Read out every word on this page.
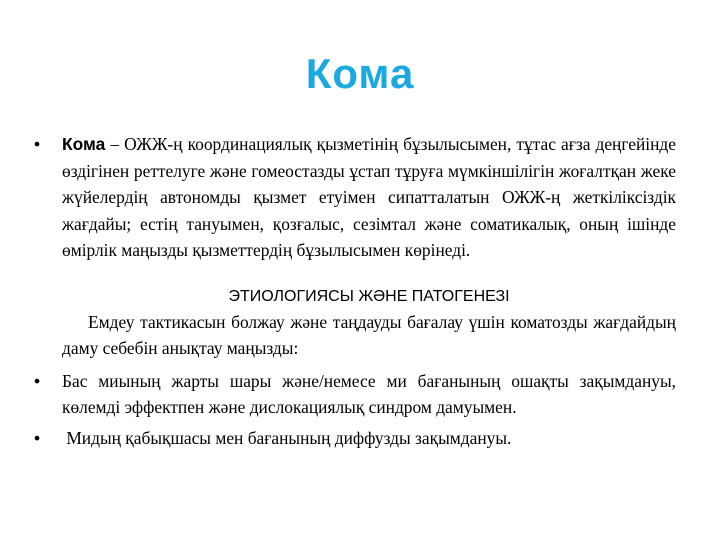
Кома
• Кома – ОЖЖ-ң координациялық қызметінің бұзылысымен, тұтас ағза деңгейінде өздігінен реттелуге және гомеостазды ұстап тұруға мүмкіншілігін жоғалтқан жеке жүйелердің автономды қызмет етуімен сипатталатын ОЖЖ-ң жеткіліксіздік жағдайы; естің тануымен, қозғалыс, сезімтал және соматикалық, оның ішінде өмірлік маңызды қызметтердің бұзылысымен көрінеді.
ЭТИОЛОГИЯСЫ ЖӘНЕ ПАТОГЕНЕЗІ
Емдеу тактикасын болжау және таңдауды бағалау үшін коматозды жағдайдың даму себебін анықтау маңызды:
• Бас миының жарты шары және/немесе ми бағанының ошақты зақымдануы, көлемді эффектпен және дислокациялық синдром дамуымен.
• Мидың қабықшасы мен бағанының диффузды зақымдануы.
